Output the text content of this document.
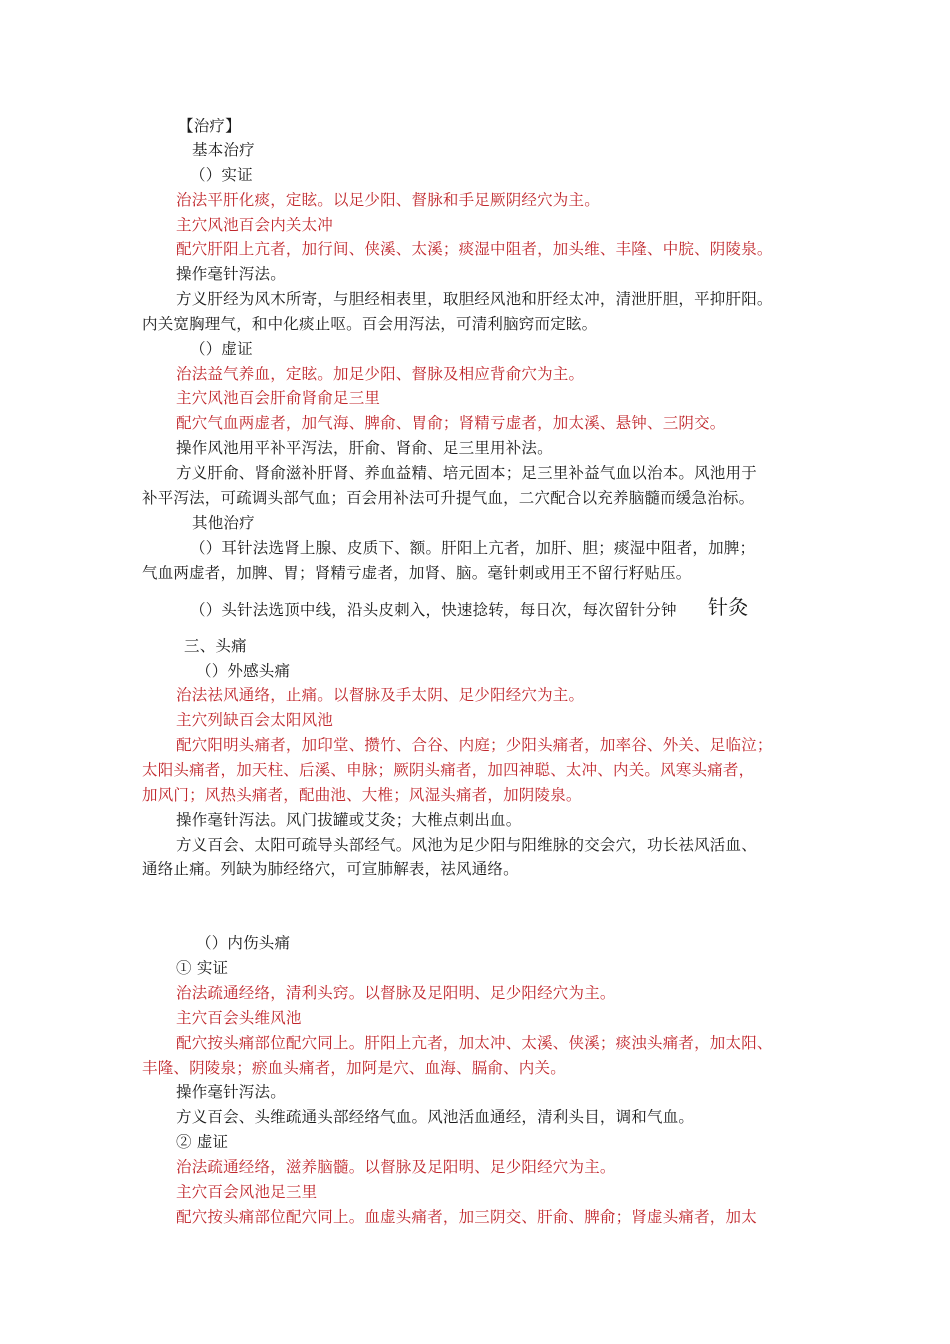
【治疗】
基本治疗
（）实证
治法平肝化痰，定眩。以足少阳、督脉和手足厥阴经穴为主。
主穴风池百会内关太冲
配穴肝阳上亢者，加行间、侠溪、太溪；痰湿中阻者，加头维、丰隆、中脘、阴陵泉。
操作毫针泻法。
方义肝经为风木所寄，与胆经相表里，取胆经风池和肝经太冲，清泄肝胆，平抑肝阳。
内关宽胸理气，和中化痰止呕。百会用泻法，可清利脑窍而定眩。
（）虚证
治法益气养血，定眩。加足少阳、督脉及相应背俞穴为主。
主穴风池百会肝俞肾俞足三里
配穴气血两虚者，加气海、脾俞、胃俞；肾精亏虚者，加太溪、悬钟、三阴交。
操作风池用平补平泻法，肝俞、肾俞、足三里用补法。
方义肝俞、肾俞滋补肝肾、养血益精、培元固本；足三里补益气血以治本。风池用于
补平泻法，可疏调头部气血；百会用补法可升提气血，二穴配合以充养脑髓而缓急治标。
其他治疗
（）耳针法选肾上腺、皮质下、额。肝阳上亢者，加肝、胆；痰湿中阻者，加脾；
气血两虚者，加脾、胃；肾精亏虚者，加肾、脑。毫针刺或用王不留行籽贴压。
（）头针法选顶中线，沿头皮刺入，快速捻转，每日次，每次留针分钟	针灸
三、头痛
（）外感头痛
治法祛风通络，止痛。以督脉及手太阴、足少阳经穴为主。
主穴列缺百会太阳风池
配穴阳明头痛者，加印堂、攒竹、合谷、内庭；少阳头痛者，加率谷、外关、足临泣；
太阳头痛者，加天柱、后溪、申脉；厥阴头痛者，加四神聪、太冲、内关。风寒头痛者，
加风门；风热头痛者，配曲池、大椎；风湿头痛者，加阴陵泉。
操作毫针泻法。风门拔罐或艾灸；大椎点刺出血。
方义百会、太阳可疏导头部经气。风池为足少阳与阳维脉的交会穴，功长祛风活血、
通络止痛。列缺为肺经络穴，可宣肺解表，祛风通络。
（）内伤头痛
① 实证
治法疏通经络，清利头窍。以督脉及足阳明、足少阳经穴为主。
主穴百会头维风池
配穴按头痛部位配穴同上。肝阳上亢者，加太冲、太溪、侠溪；痰浊头痛者，加太阳、
丰隆、阴陵泉；瘀血头痛者，加阿是穴、血海、膈俞、内关。
操作毫针泻法。
方义百会、头维疏通头部经络气血。风池活血通经，清利头目，调和气血。
② 虚证
治法疏通经络，滋养脑髓。以督脉及足阳明、足少阳经穴为主。
主穴百会风池足三里
配穴按头痛部位配穴同上。血虚头痛者，加三阴交、肝俞、脾俞；肾虚头痛者，加太
